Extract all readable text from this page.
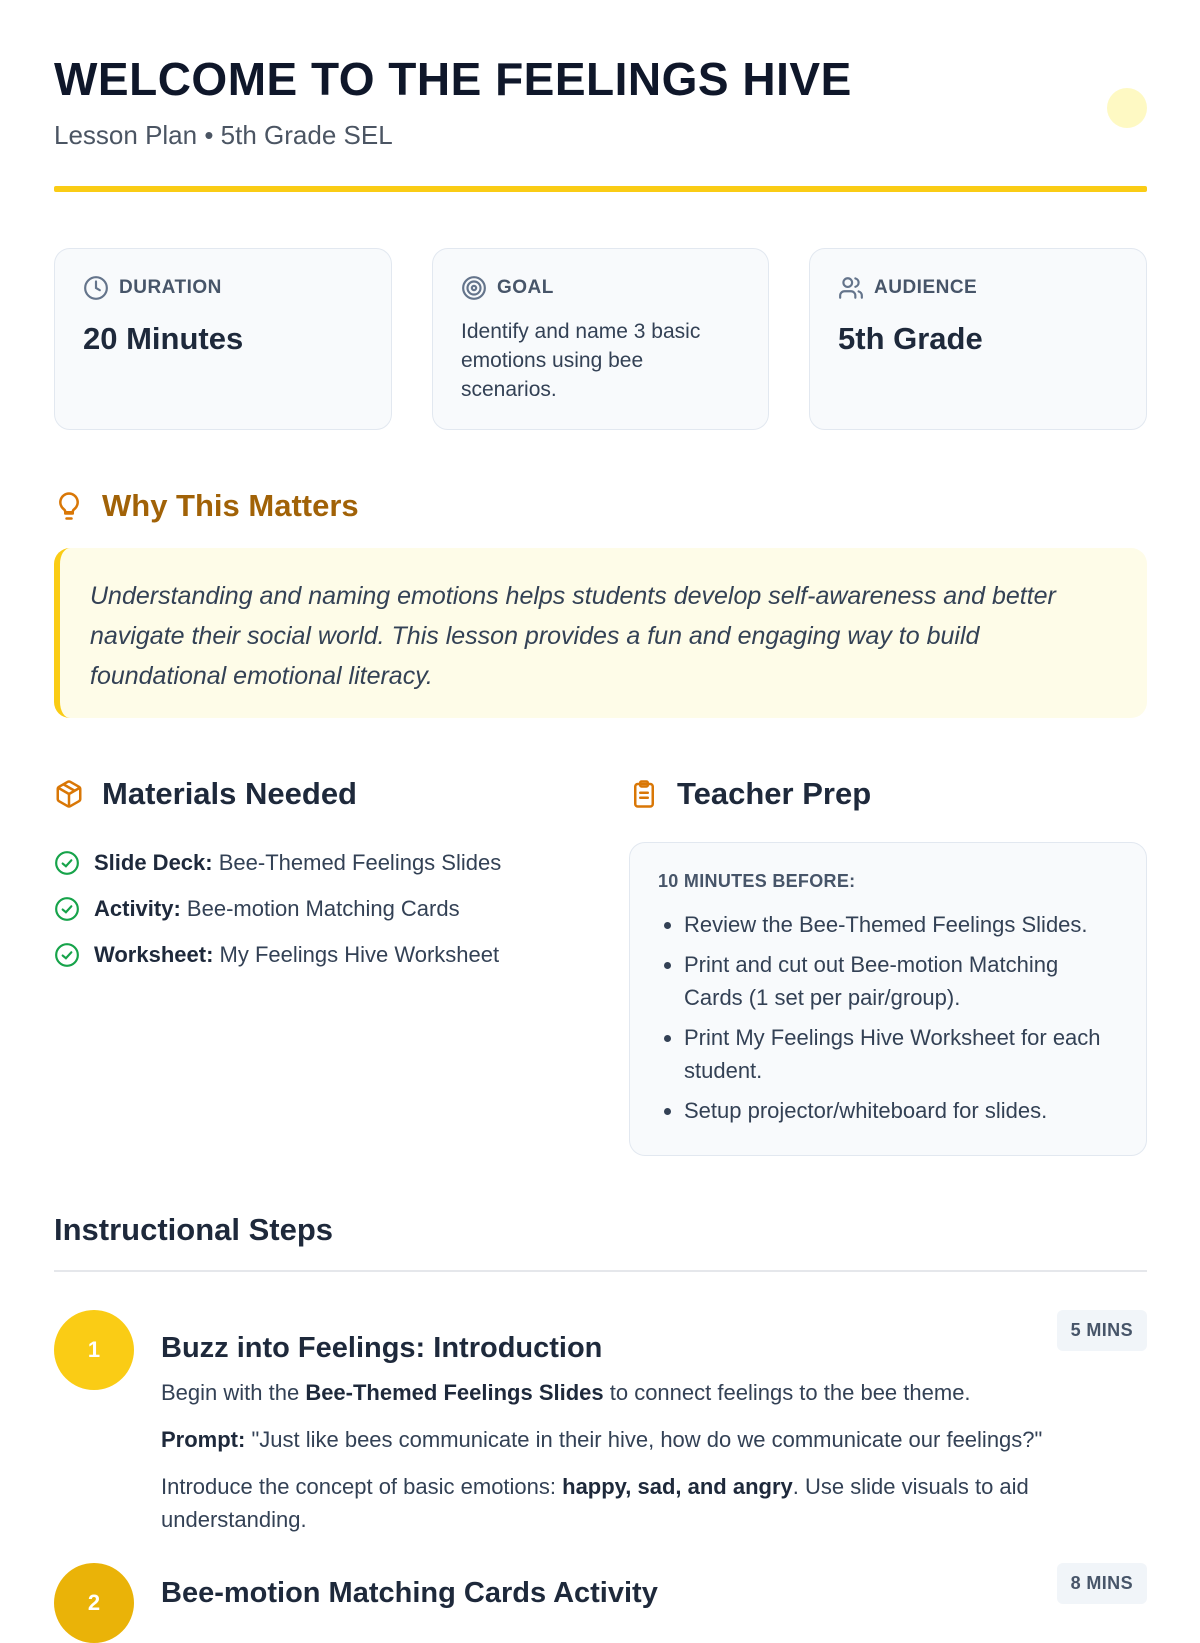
WELCOME TO THE FEELINGS HIVE
Lesson Plan • 5th Grade SEL
DURATION
20 Minutes
GOAL
Identify and name 3 basic emotions using bee scenarios.
AUDIENCE
5th Grade
Why This Matters
Understanding and naming emotions helps students develop self-awareness and better navigate their social world. This lesson provides a fun and engaging way to build foundational emotional literacy.
Materials Needed
Slide Deck: Bee-Themed Feelings Slides
Activity: Bee-motion Matching Cards
Worksheet: My Feelings Hive Worksheet
Teacher Prep
10 MINUTES BEFORE:
• Review the Bee-Themed Feelings Slides.
• Print and cut out Bee-motion Matching Cards (1 set per pair/group).
• Print My Feelings Hive Worksheet for each student.
• Setup projector/whiteboard for slides.
Instructional Steps
1	Buzz into Feelings: Introduction
5 MINS

Begin with the Bee-Themed Feelings Slides to connect feelings to the bee theme.

Prompt: "Just like bees communicate in their hive, how do we communicate our feelings?"

Introduce the concept of basic emotions: happy, sad, and angry. Use slide visuals to aid understanding.

2	Bee-motion Matching Cards Activity	8 MINS
